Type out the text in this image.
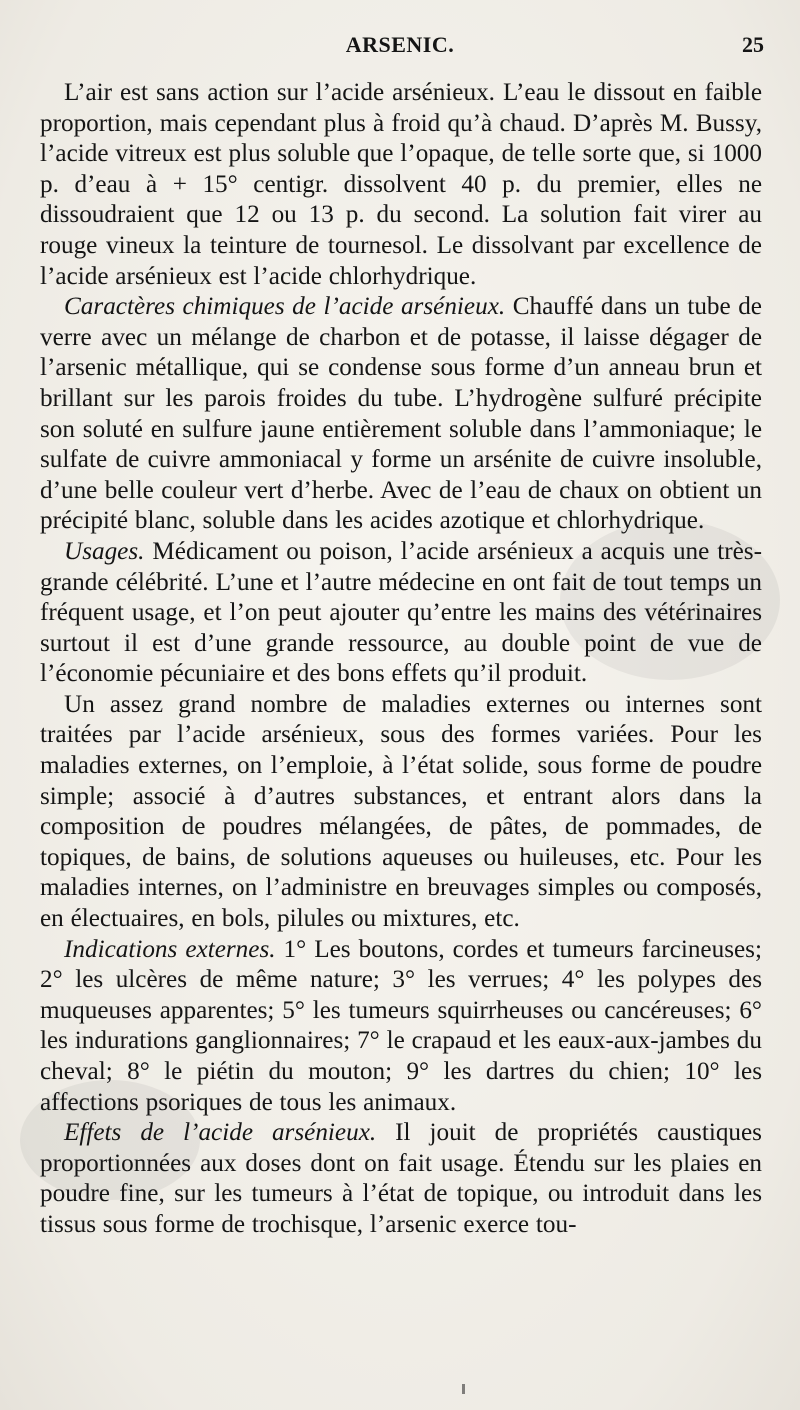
ARSENIC.	25

L’air est sans action sur l’acide arsénieux. L’eau le dissout en faible proportion, mais cependant plus à froid qu’à chaud. D’après M. Bussy, l’acide vitreux est plus soluble que l’opaque, de telle sorte que, si 1000 p. d’eau à + 15° centigr. dissolvent 40 p. du premier, elles ne dissoudraient que 12 ou 13 p. du second. La solution fait virer au rouge vineux la teinture de tournesol. Le dissolvant par excellence de l’acide arsénieux est l’acide chlorhydrique.

Caractères chimiques de l’acide arsénieux. Chauffé dans un tube de verre avec un mélange de charbon et de potasse, il laisse dégager de l’arsenic métallique, qui se condense sous forme d’un anneau brun et brillant sur les parois froides du tube. L’hydrogène sulfuré précipite son soluté en sulfure jaune entièrement soluble dans l’ammoniaque; le sulfate de cuivre ammoniacal y forme un arsénite de cuivre insoluble, d’une belle couleur vert d’herbe. Avec de l’eau de chaux on obtient un précipité blanc, soluble dans les acides azotique et chlorhydrique.

Usages. Médicament ou poison, l’acide arsénieux a acquis une très-grande célébrité. L’une et l’autre médecine en ont fait de tout temps un fréquent usage, et l’on peut ajouter qu’entre les mains des vétérinaires surtout il est d’une grande ressource, au double point de vue de l’économie pécuniaire et des bons effets qu’il produit.

Un assez grand nombre de maladies externes ou internes sont traitées par l’acide arsénieux, sous des formes variées. Pour les maladies externes, on l’emploie, à l’état solide, sous forme de poudre simple; associé à d’autres substances, et entrant alors dans la composition de poudres mélangées, de pâtes, de pommades, de topiques, de bains, de solutions aqueuses ou huileuses, etc. Pour les maladies internes, on l’administre en breuvages simples ou composés, en électuaires, en bols, pilules ou mixtures, etc.

Indications externes. 1° Les boutons, cordes et tumeurs farcineuses; 2° les ulcères de même nature; 3° les verrues; 4° les polypes des muqueuses apparentes; 5° les tumeurs squirrheuses ou cancéreuses; 6° les indurations ganglionnaires; 7° le crapaud et les eaux-aux-jambes du cheval; 8° le piétin du mouton; 9° les dartres du chien; 10° les affections psoriques de tous les animaux.

Effets de l’acide arsénieux. Il jouit de propriétés caustiques proportionnées aux doses dont on fait usage. Étendu sur les plaies en poudre fine, sur les tumeurs à l’état de topique, ou introduit dans les tissus sous forme de trochisque, l’arsenic exerce tou-
